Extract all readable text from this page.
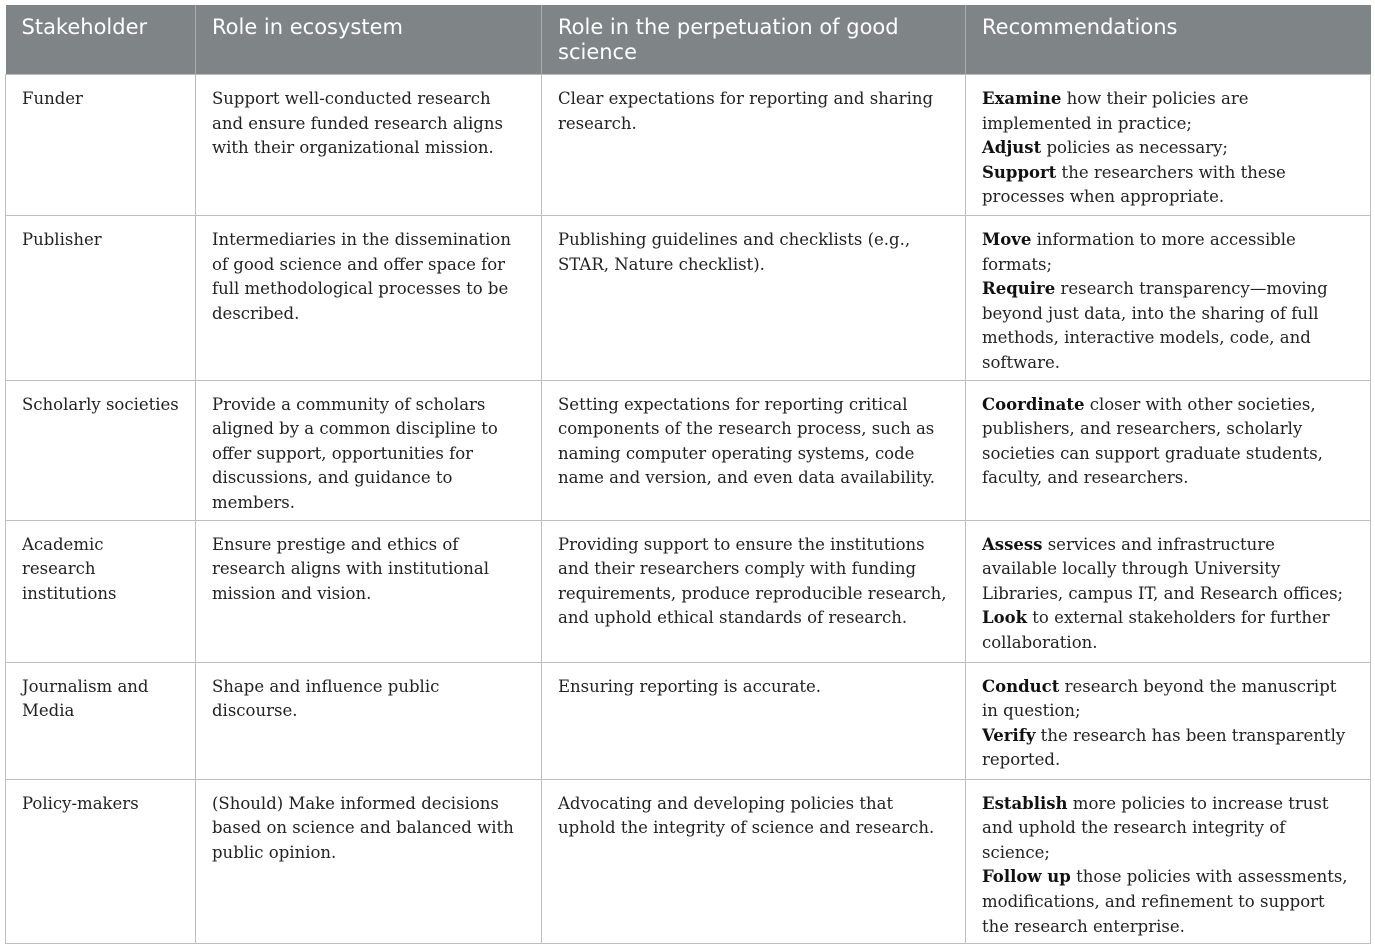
Stakeholder	Role in ecosystem	Role in the perpetuation of good science	Recommendations
Funder	Support well-conducted research and ensure funded research aligns with their organizational mission.	Clear expectations for reporting and sharing research.	Examine how their policies are implemented in practice;
Adjust policies as necessary;
Support the researchers with these processes when appropriate.

Publisher	Intermediaries in the dissemination of good science and offer space for full methodological processes to be described.	Publishing guidelines and checklists (e.g., STAR, Nature checklist).	Move information to more accessible formats;
Require research transparency—moving beyond just data, into the sharing of full methods, interactive models, code, and software.

Scholarly societies	Provide a community of scholars aligned by a common discipline to offer support, opportunities for discussions, and guidance to members.	Setting expectations for reporting critical components of the research process, such as naming computer operating systems, code name and version, and even data availability.	Coordinate closer with other societies, publishers, and researchers, scholarly societies can support graduate students, faculty, and researchers.

Academic research institutions	Ensure prestige and ethics of research aligns with institutional mission and vision.	Providing support to ensure the institutions and their researchers comply with funding requirements, produce reproducible research, and uphold ethical standards of research.	Assess services and infrastructure available locally through University Libraries, campus IT, and Research offices;
Look to external stakeholders for further collaboration.

Journalism and Media	Shape and influence public discourse.	Ensuring reporting is accurate.	Conduct research beyond the manuscript in question;
Verify the research has been transparently reported.

Policy-makers	(Should) Make informed decisions based on science and balanced with public opinion.	Advocating and developing policies that uphold the integrity of science and research.	Establish more policies to increase trust and uphold the research integrity of science;
Follow up those policies with assessments, modifications, and refinement to support the research enterprise.
